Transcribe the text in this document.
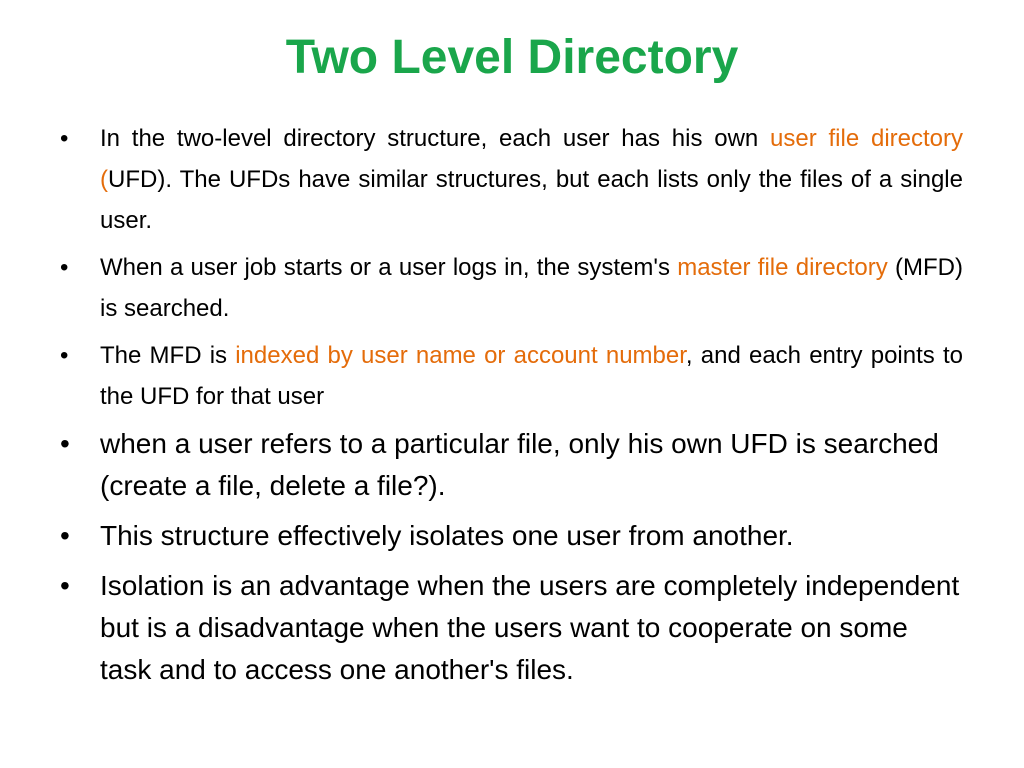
Two Level Directory
• In the two-level directory structure, each user has his own user file directory (UFD). The UFDs have similar structures, but each lists only the files of a single user.
• When a user job starts or a user logs in, the system's master file directory (MFD) is searched.
• The MFD is indexed by user name or account number, and each entry points to the UFD for that user
• when a user refers to a particular file, only his own UFD is searched (create a file, delete a file?).
• This structure effectively isolates one user from another.
• Isolation is an advantage when the users are completely independent but is a disadvantage when the users want to cooperate on some task and to access one another's files.
